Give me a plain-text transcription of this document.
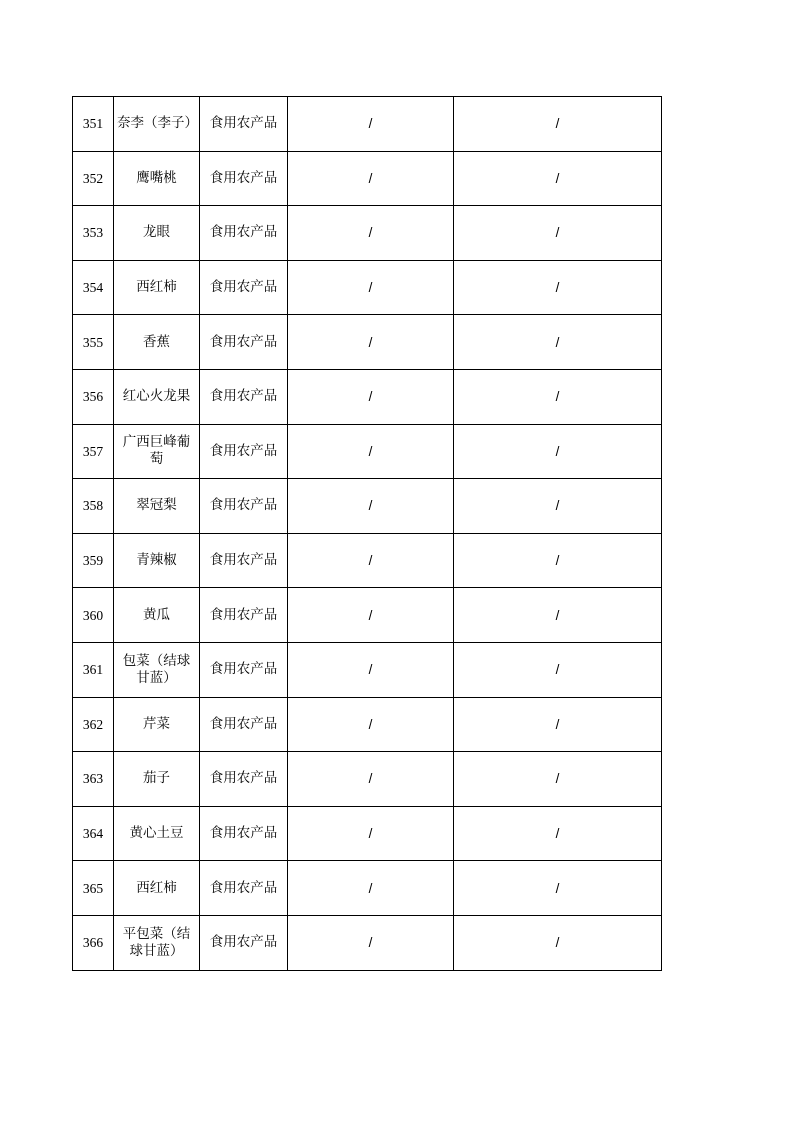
351	奈李（李子）	食用农产品	/	/
352	鹰嘴桃	食用农产品	/	/
353	龙眼	食用农产品	/	/
354	西红柿	食用农产品	/	/
355	香蕉	食用农产品	/	/
356	红心火龙果	食用农产品	/	/
357	广西巨峰葡萄	食用农产品	/	/
358	翠冠梨	食用农产品	/	/
359	青辣椒	食用农产品	/	/
360	黄瓜	食用农产品	/	/
361	包菜（结球甘蓝）	食用农产品	/	/
362	芹菜	食用农产品	/	/
363	茄子	食用农产品	/	/
364	黄心土豆	食用农产品	/	/
365	西红柿	食用农产品	/	/
366	平包菜（结球甘蓝）	食用农产品	/	/
